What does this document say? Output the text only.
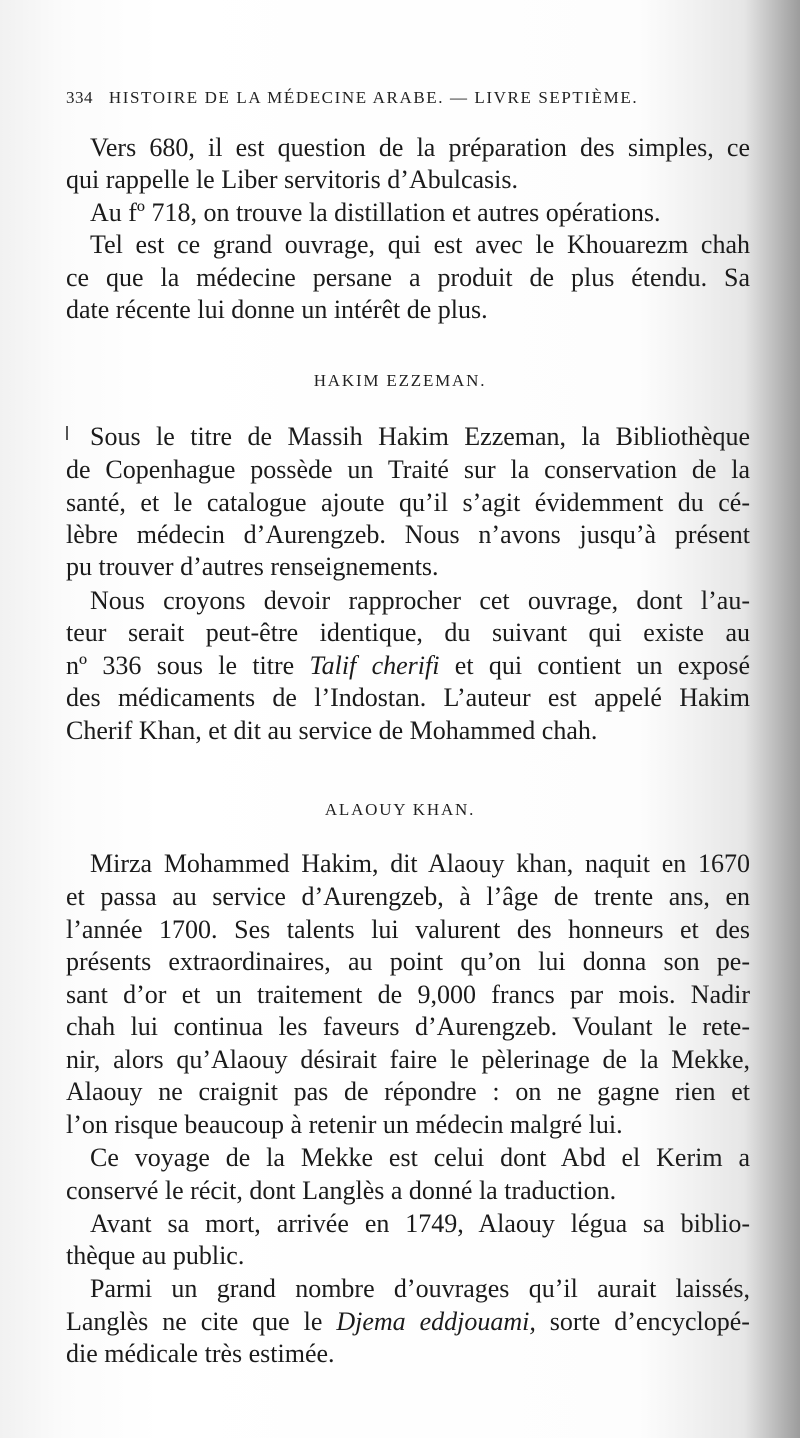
334 HISTOIRE DE LA MÉDECINE ARABE. — LIVRE SEPTIÈME.
Vers 680, il est question de la préparation des simples, ce
qui rappelle le Liber servitoris d’Abulcasis.
Au fº 718, on trouve la distillation et autres opérations.
Tel est ce grand ouvrage, qui est avec le Khouarezm chah
ce que la médecine persane a produit de plus étendu. Sa
date récente lui donne un intérêt de plus.
HAKIM EZZEMAN.
Sous le titre de Massih Hakim Ezzeman, la Bibliothèque
de Copenhague possède un Traité sur la conservation de la
santé, et le catalogue ajoute qu’il s’agit évidemment du cé-
lèbre médecin d’Aurengzeb. Nous n’avons jusqu’à présent
pu trouver d’autres renseignements.
Nous croyons devoir rapprocher cet ouvrage, dont l’au-
teur serait peut-être identique, du suivant qui existe au
nº 336 sous le titre Talif cherifi et qui contient un exposé
des médicaments de l’Indostan. L’auteur est appelé Hakim
Cherif Khan, et dit au service de Mohammed chah.
ALAOUY KHAN.
Mirza Mohammed Hakim, dit Alaouy khan, naquit en 1670
et passa au service d’Aurengzeb, à l’âge de trente ans, en
l’année 1700. Ses talents lui valurent des honneurs et des
présents extraordinaires, au point qu’on lui donna son pe-
sant d’or et un traitement de 9,000 francs par mois. Nadir
chah lui continua les faveurs d’Aurengzeb. Voulant le rete-
nir, alors qu’Alaouy désirait faire le pèlerinage de la Mekke,
Alaouy ne craignit pas de répondre : on ne gagne rien et
l’on risque beaucoup à retenir un médecin malgré lui.
Ce voyage de la Mekke est celui dont Abd el Kerim a
conservé le récit, dont Langlès a donné la traduction.
Avant sa mort, arrivée en 1749, Alaouy légua sa biblio-
thèque au public.
Parmi un grand nombre d’ouvrages qu’il aurait laissés,
Langlès ne cite que le Djema eddjouami, sorte d’encyclopé-
die médicale très estimée.
